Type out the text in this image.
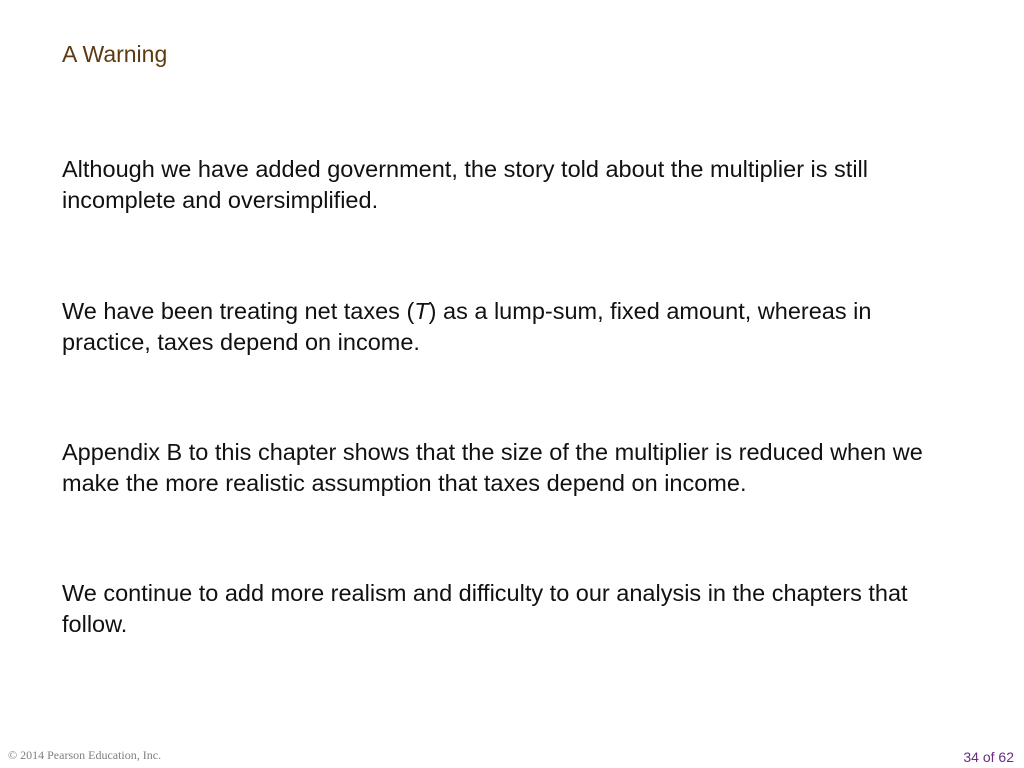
A Warning

Although we have added government, the story told about the multiplier is still incomplete and oversimplified.

We have been treating net taxes (T) as a lump-sum, fixed amount, whereas in practice, taxes depend on income.

Appendix B to this chapter shows that the size of the multiplier is reduced when we make the more realistic assumption that taxes depend on income.

We continue to add more realism and difficulty to our analysis in the chapters that follow.

© 2014 Pearson Education, Inc.	34 of 62
